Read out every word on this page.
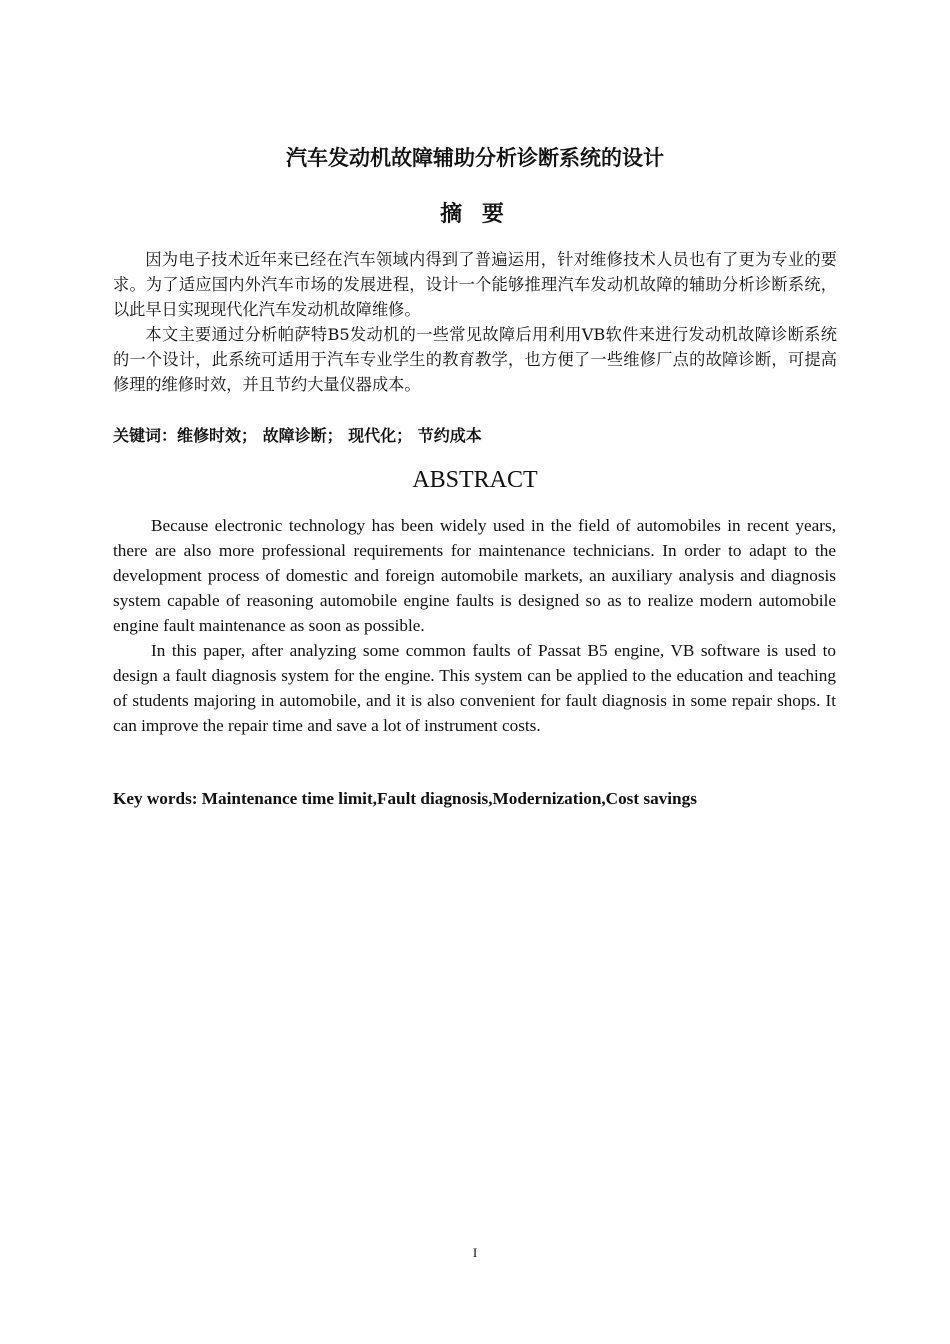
汽车发动机故障辅助分析诊断系统的设计
摘 要

因为电子技术近年来已经在汽车领域内得到了普遍运用，针对维修技术人员也有了更为专业的要求。为了适应国内外汽车市场的发展进程，设计一个能够推理汽车发动机故障的辅助分析诊断系统，以此早日实现现代化汽车发动机故障维修。

本文主要通过分析帕萨特B5发动机的一些常见故障后用利用VB软件来进行发动机故障诊断系统的一个设计，此系统可适用于汽车专业学生的教育教学，也方便了一些维修厂点的故障诊断，可提高修理的维修时效，并且节约大量仪器成本。

关键词：维修时效； 故障诊断； 现代化； 节约成本
ABSTRACT

Because electronic technology has been widely used in the field of automobiles in recent years, there are also more professional requirements for maintenance technicians. In order to adapt to the development process of domestic and foreign automobile markets, an auxiliary analysis and diagnosis system capable of reasoning automobile engine faults is designed so as to realize modern automobile engine fault maintenance as soon as possible.

In this paper, after analyzing some common faults of Passat B5 engine, VB software is used to design a fault diagnosis system for the engine. This system can be applied to the education and teaching of students majoring in automobile, and it is also convenient for fault diagnosis in some repair shops. It can improve the repair time and save a lot of instrument costs.

Key words: Maintenance time limit,Fault diagnosis,Modernization,Cost savings
I
